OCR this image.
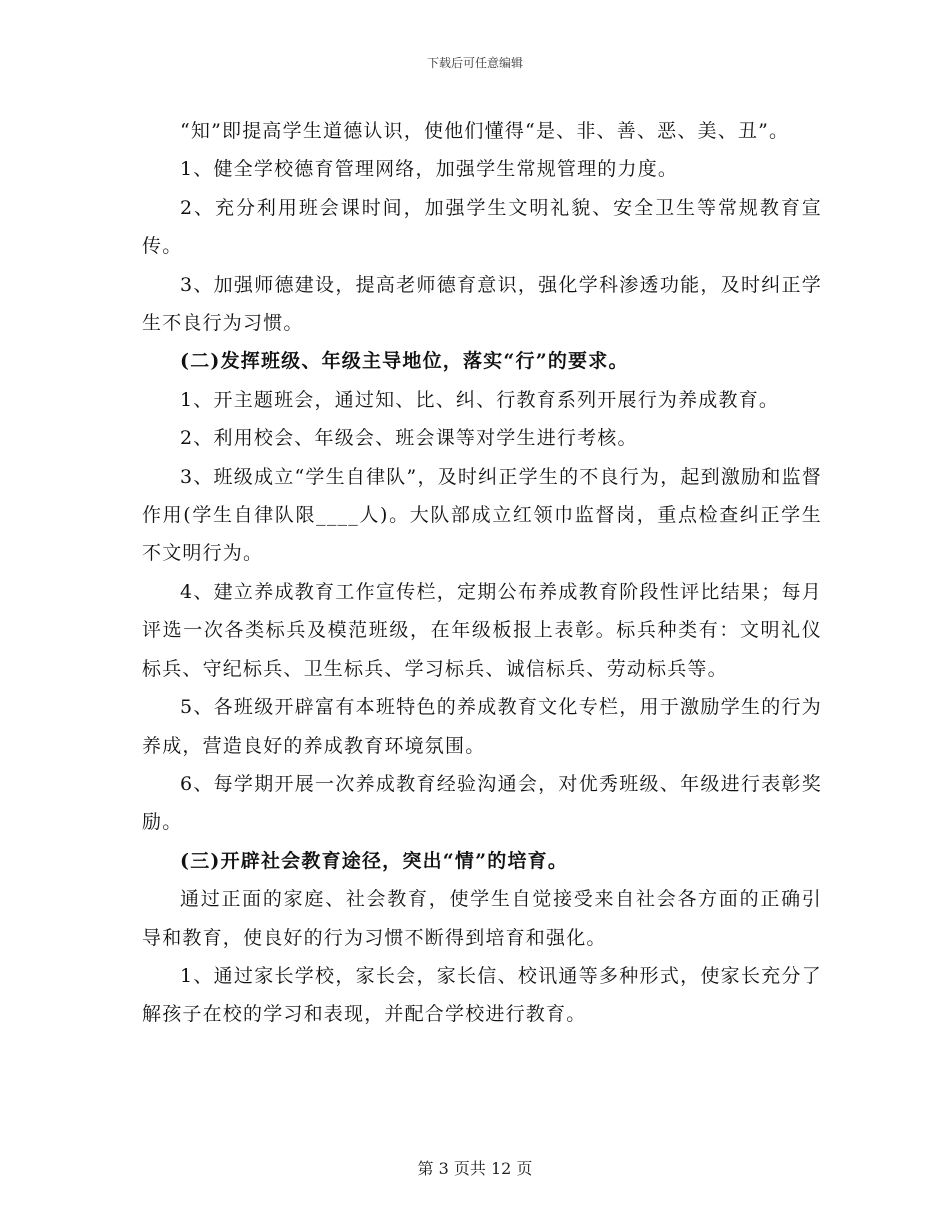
下载后可任意编辑

“知”即提高学生道德认识，使他们懂得“是、非、善、恶、美、丑”。

1、健全学校德育管理网络，加强学生常规管理的力度。

2、充分利用班会课时间，加强学生文明礼貌、安全卫生等常规教育宣传。

3、加强师德建设，提高老师德育意识，强化学科渗透功能，及时纠正学生不良行为习惯。

(二)发挥班级、年级主导地位，落实“行”的要求。

1、开主题班会，通过知、比、纠、行教育系列开展行为养成教育。

2、利用校会、年级会、班会课等对学生进行考核。

3、班级成立“学生自律队”，及时纠正学生的不良行为，起到激励和监督作用(学生自律队限____人)。大队部成立红领巾监督岗，重点检查纠正学生不文明行为。

4、建立养成教育工作宣传栏，定期公布养成教育阶段性评比结果；每月评选一次各类标兵及模范班级，在年级板报上表彰。标兵种类有：文明礼仪标兵、守纪标兵、卫生标兵、学习标兵、诚信标兵、劳动标兵等。

5、各班级开辟富有本班特色的养成教育文化专栏，用于激励学生的行为养成，营造良好的养成教育环境氛围。

6、每学期开展一次养成教育经验沟通会，对优秀班级、年级进行表彰奖励。

(三)开辟社会教育途径，突出“情”的培育。

通过正面的家庭、社会教育，使学生自觉接受来自社会各方面的正确引导和教育，使良好的行为习惯不断得到培育和强化。

1、通过家长学校，家长会，家长信、校讯通等多种形式，使家长充分了解孩子在校的学习和表现，并配合学校进行教育。

第 3 页共 12 页
